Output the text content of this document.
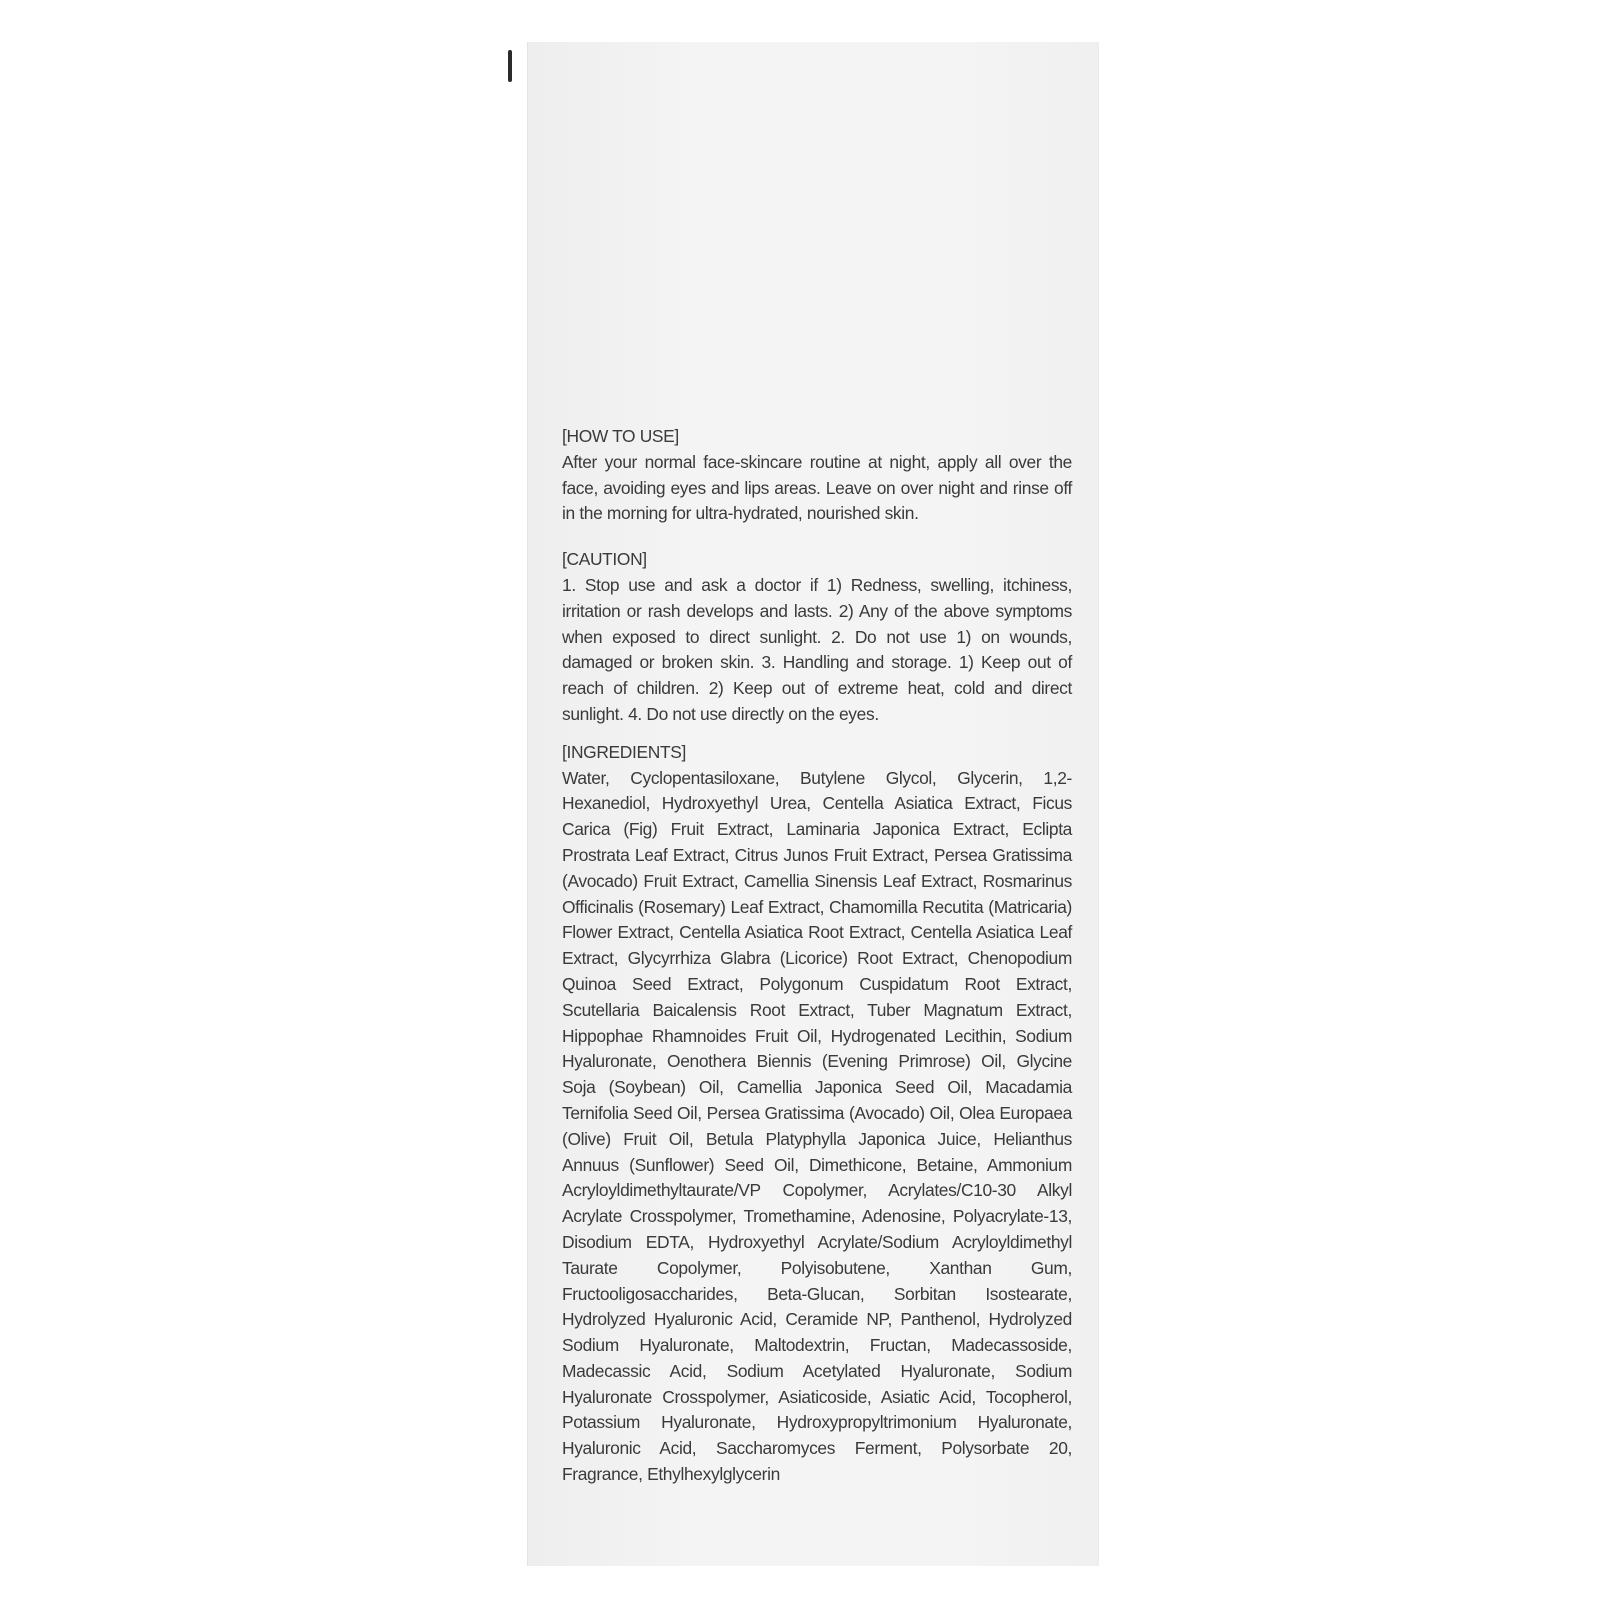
[HOW TO USE]
After your normal face-skincare routine at night, apply all over the face, avoiding eyes and lips areas. Leave on over night and rinse off in the morning for ultra-hydrated, nourished skin.
[CAUTION]
1. Stop use and ask a doctor if 1) Redness, swelling, itchiness, irritation or rash develops and lasts. 2) Any of the above symptoms when exposed to direct sunlight. 2. Do not use 1) on wounds, damaged or broken skin. 3. Handling and storage. 1) Keep out of reach of children. 2) Keep out of extreme heat, cold and direct sunlight. 4. Do not use directly on the eyes.
[INGREDIENTS]
Water, Cyclopentasiloxane, Butylene Glycol, Glycerin, 1,2-Hexanediol, Hydroxyethyl Urea, Centella Asiatica Extract, Ficus Carica (Fig) Fruit Extract, Laminaria Japonica Extract, Eclipta Prostrata Leaf Extract, Citrus Junos Fruit Extract, Persea Gratissima (Avocado) Fruit Extract, Camellia Sinensis Leaf Extract, Rosmarinus Officinalis (Rosemary) Leaf Extract, Chamomilla Recutita (Matricaria) Flower Extract, Centella Asiatica Root Extract, Centella Asiatica Leaf Extract, Glycyrrhiza Glabra (Licorice) Root Extract, Chenopodium Quinoa Seed Extract, Polygonum Cuspidatum Root Extract, Scutellaria Baicalensis Root Extract, Tuber Magnatum Extract, Hippophae Rhamnoides Fruit Oil, Hydrogenated Lecithin, Sodium Hyaluronate, Oenothera Biennis (Evening Primrose) Oil, Glycine Soja (Soybean) Oil, Camellia Japonica Seed Oil, Macadamia Ternifolia Seed Oil, Persea Gratissima (Avocado) Oil, Olea Europaea (Olive) Fruit Oil, Betula Platyphylla Japonica Juice, Helianthus Annuus (Sunflower) Seed Oil, Dimethicone, Betaine, Ammonium Acryloyldimethyltaurate/VP Copolymer, Acrylates/C10-30 Alkyl Acrylate Crosspolymer, Tromethamine, Adenosine, Polyacrylate-13, Disodium EDTA, Hydroxyethyl Acrylate/Sodium Acryloyldimethyl Taurate Copolymer, Polyisobutene, Xanthan Gum, Fructooligosaccharides, Beta-Glucan, Sorbitan Isostearate, Hydrolyzed Hyaluronic Acid, Ceramide NP, Panthenol, Hydrolyzed Sodium Hyaluronate, Maltodextrin, Fructan, Madecassoside, Madecassic Acid, Sodium Acetylated Hyaluronate, Sodium Hyaluronate Crosspolymer, Asiaticoside, Asiatic Acid, Tocopherol, Potassium Hyaluronate, Hydroxypropyltrimonium Hyaluronate, Hyaluronic Acid, Saccharomyces Ferment, Polysorbate 20, Fragrance, Ethylhexylglycerin
